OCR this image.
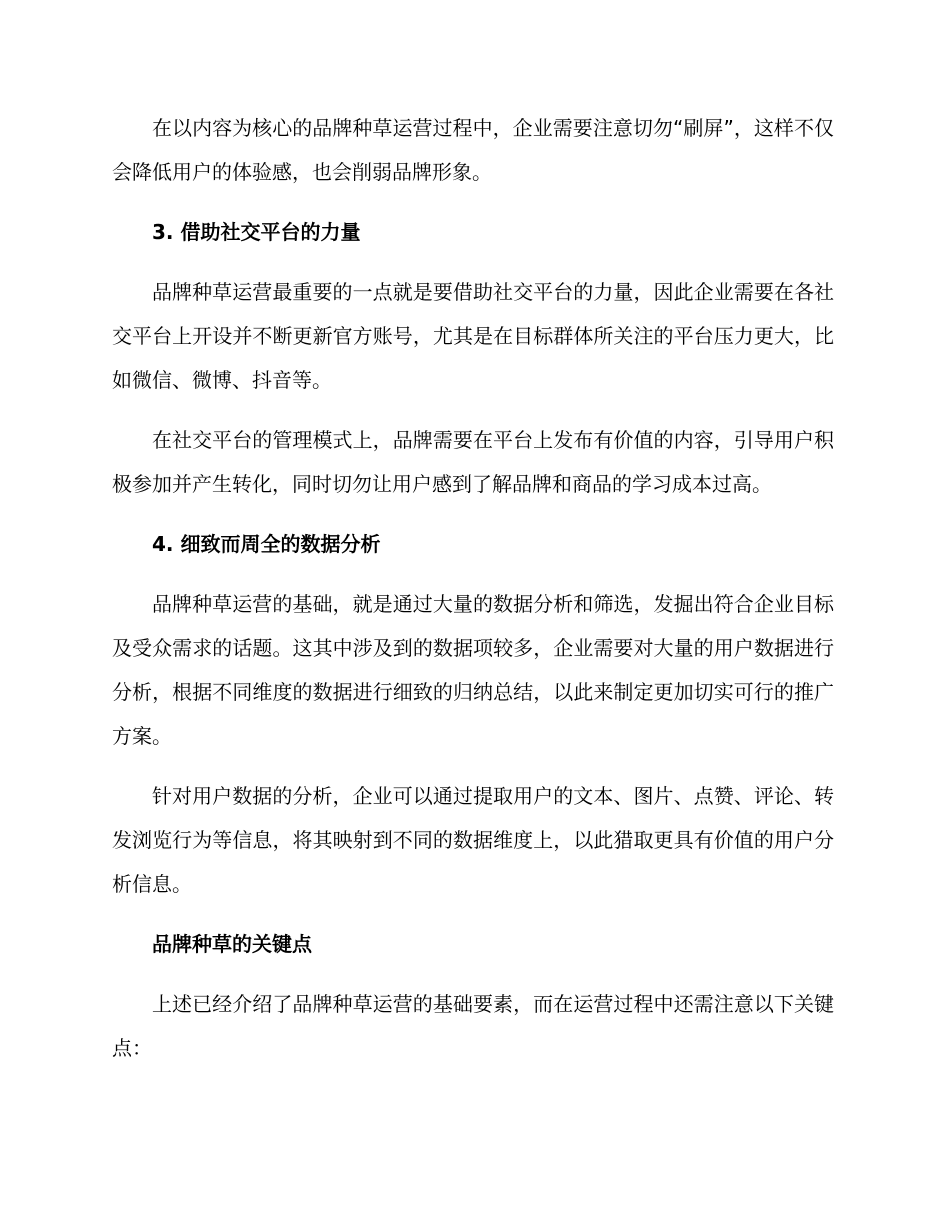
在以内容为核心的品牌种草运营过程中，企业需要注意切勿“刷屏”，这样不仅会降低用户的体验感，也会削弱品牌形象。

3. 借助社交平台的力量

品牌种草运营最重要的一点就是要借助社交平台的力量，因此企业需要在各社交平台上开设并不断更新官方账号，尤其是在目标群体所关注的平台压力更大，比如微信、微博、抖音等。

在社交平台的管理模式上，品牌需要在平台上发布有价值的内容，引导用户积极参加并产生转化，同时切勿让用户感到了解品牌和商品的学习成本过高。

4. 细致而周全的数据分析

品牌种草运营的基础，就是通过大量的数据分析和筛选，发掘出符合企业目标及受众需求的话题。这其中涉及到的数据项较多，企业需要对大量的用户数据进行分析，根据不同维度的数据进行细致的归纳总结，以此来制定更加切实可行的推广方案。

针对用户数据的分析，企业可以通过提取用户的文本、图片、点赞、评论、转发浏览行为等信息，将其映射到不同的数据维度上，以此猎取更具有价值的用户分析信息。

品牌种草的关键点

上述已经介绍了品牌种草运营的基础要素，而在运营过程中还需注意以下关键点：
